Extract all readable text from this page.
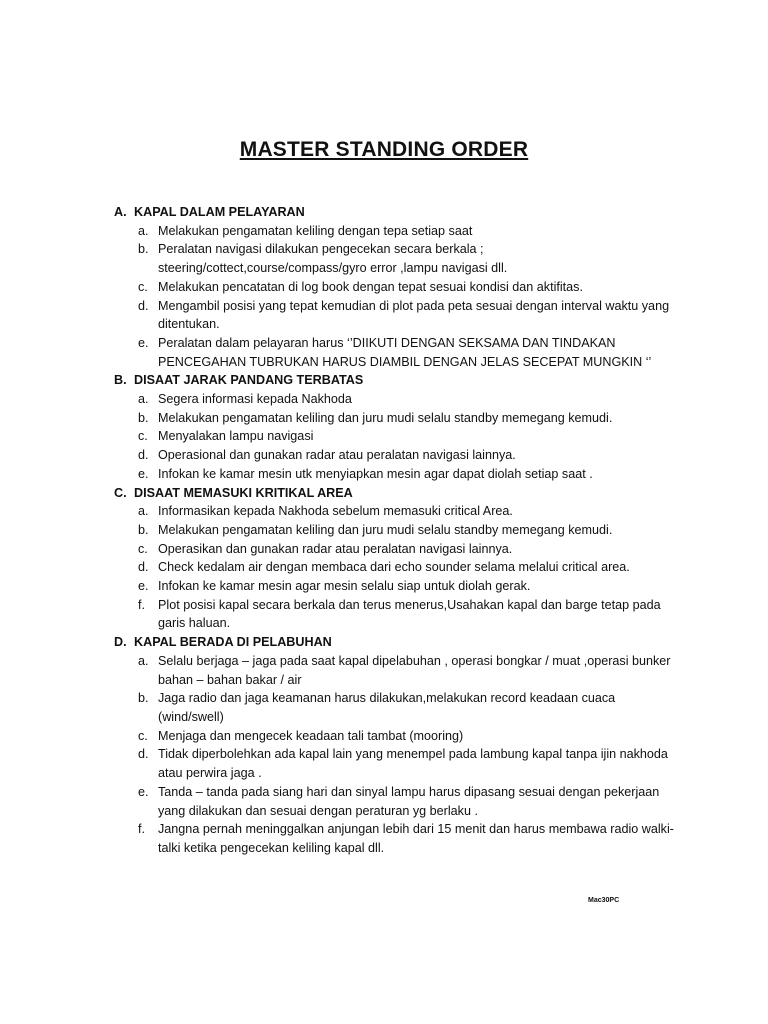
MASTER STANDING ORDER
A. KAPAL DALAM PELAYARAN
a. Melakukan pengamatan keliling dengan tepa setiap saat
b. Peralatan navigasi dilakukan pengecekan secara berkala ; steering/cottect,course/compass/gyro error ,lampu navigasi dll.
c. Melakukan pencatatan di log book dengan tepat sesuai kondisi dan aktifitas.
d. Mengambil posisi yang tepat kemudian di plot pada peta sesuai dengan interval waktu yang ditentukan.
e. Peralatan dalam pelayaran harus ‘’DIIKUTI DENGAN SEKSAMA DAN TINDAKAN PENCEGAHAN TUBRUKAN HARUS DIAMBIL DENGAN JELAS SECEPAT MUNGKIN ‘’
B. DISAAT JARAK PANDANG TERBATAS
a. Segera informasi kepada Nakhoda
b. Melakukan pengamatan keliling dan juru mudi selalu standby memegang kemudi.
c. Menyalakan lampu navigasi
d. Operasional dan gunakan radar atau peralatan navigasi lainnya.
e. Infokan ke kamar mesin utk menyiapkan mesin agar dapat diolah setiap saat .
C. DISAAT MEMASUKI KRITIKAL AREA
a. Informasikan kepada Nakhoda sebelum memasuki critical Area.
b. Melakukan pengamatan keliling dan juru mudi selalu standby memegang kemudi.
c. Operasikan dan gunakan radar atau peralatan navigasi lainnya.
d. Check kedalam air dengan membaca dari echo sounder selama melalui critical area.
e. Infokan ke kamar mesin agar mesin selalu siap untuk diolah gerak.
f. Plot posisi kapal secara berkala dan terus menerus,Usahakan kapal dan barge tetap pada garis haluan.
D. KAPAL BERADA DI PELABUHAN
a. Selalu berjaga – jaga pada saat kapal dipelabuhan , operasi bongkar / muat ,operasi bunker bahan – bahan bakar / air
b. Jaga radio dan jaga keamanan harus dilakukan,melakukan record keadaan cuaca (wind/swell)
c. Menjaga dan mengecek keadaan tali tambat (mooring)
d. Tidak diperbolehkan ada kapal lain yang menempel pada lambung kapal tanpa ijin nakhoda atau perwira jaga .
e. Tanda – tanda pada siang hari dan sinyal lampu harus dipasang sesuai dengan pekerjaan yang dilakukan dan sesuai dengan peraturan yg berlaku .
f. Jangna pernah meninggalkan anjungan lebih dari 15 menit dan harus membawa radio walki-talki ketika pengecekan keliling kapal dll.
Mac30PC
